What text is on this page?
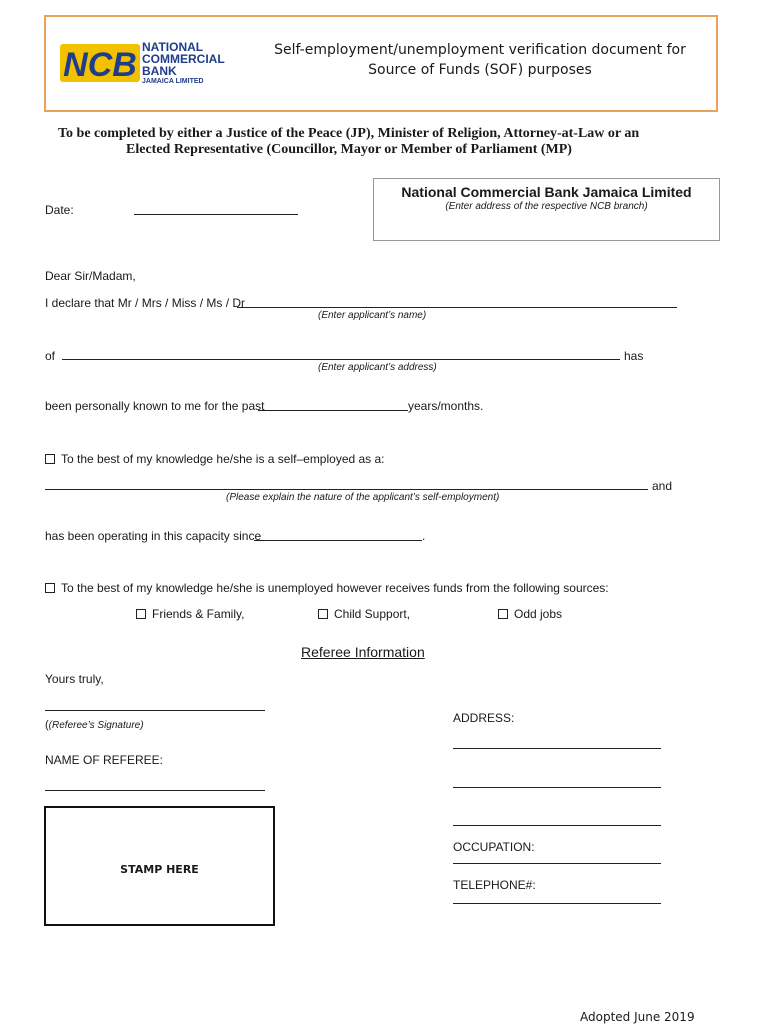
NCB NATIONAL
COMMERCIAL
BANK
JAMAICA LIMITED
Self-employment/unemployment verification document for
Source of Funds (SOF) purposes
To be completed by either a Justice of the Peace (JP), Minister of Religion, Attorney-at-Law or an
Elected Representative (Councillor, Mayor or Member of Parliament (MP)
Date:
National Commercial Bank Jamaica Limited
(Enter address of the respective NCB branch)
Dear Sir/Madam,
I declare that Mr / Mrs / Miss / Ms / Dr
(Enter applicant’s name)
of	has
(Enter applicant’s address)
been personally known to me for the past	years/months.
To the best of my knowledge he/she is a self–employed as a:
and
(Please explain the nature of the applicant’s self-employment)
has been operating in this capacity since	.
To the best of my knowledge he/she is unemployed however receives funds from the following sources:
Friends & Family,	Child Support,	Odd jobs
Referee Information
Yours truly,
((Referee’s Signature)
NAME OF REFEREE:
ADDRESS:
OCCUPATION:
TELEPHONE#:
STAMP HERE
Adopted June 2019
